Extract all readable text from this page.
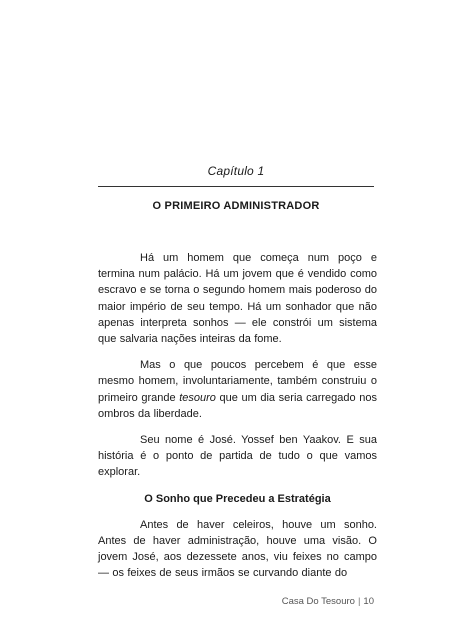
Capítulo 1
O PRIMEIRO ADMINISTRADOR

Há um homem que começa num poço e termina num palácio. Há um jovem que é vendido como escravo e se torna o segundo homem mais poderoso do maior império de seu tempo. Há um sonhador que não apenas interpreta sonhos — ele constrói um sistema que salvaria nações inteiras da fome.

Mas o que poucos percebem é que esse mesmo homem, involuntariamente, também construiu o primeiro grande tesouro que um dia seria carregado nos ombros da liberdade.

Seu nome é José. Yossef ben Yaakov. E sua história é o ponto de partida de tudo o que vamos explorar.

O Sonho que Precedeu a Estratégia

Antes de haver celeiros, houve um sonho. Antes de haver administração, houve uma visão. O jovem José, aos dezessete anos, viu feixes no campo — os feixes de seus irmãos se curvando diante do

Casa Do Tesouro | 10
